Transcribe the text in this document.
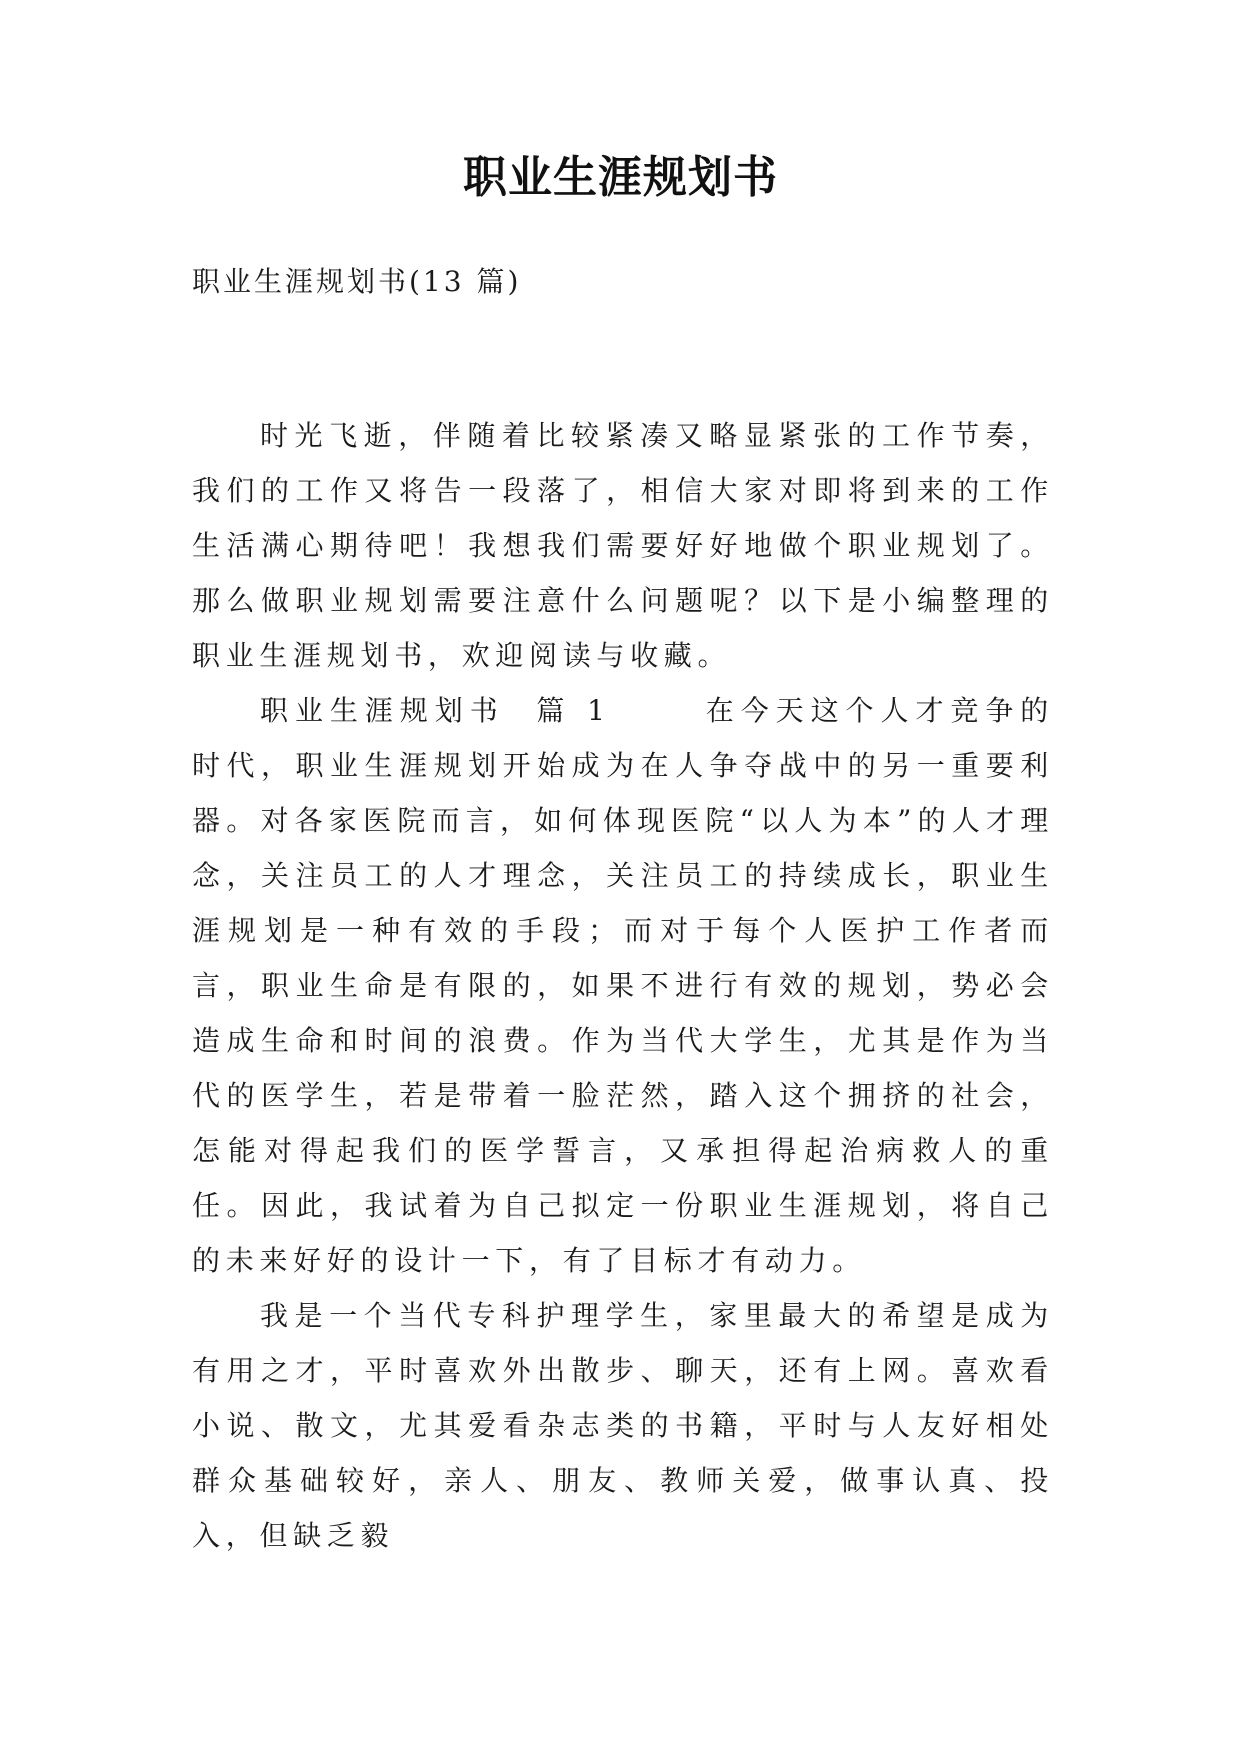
职业生涯规划书
职业生涯规划书(13 篇)

时光飞逝，伴随着比较紧凑又略显紧张的工作节奏，我们的工作又将告一段落了，相信大家对即将到来的工作生活满心期待吧！我想我们需要好好地做个职业规划了。那么做职业规划需要注意什么问题呢？以下是小编整理的职业生涯规划书，欢迎阅读与收藏。

职业生涯规划书  篇 1      在今天这个人才竞争的时代，职业生涯规划开始成为在人争夺战中的另一重要利器。对各家医院而言，如何体现医院“以人为本”的人才理念，关注员工的人才理念，关注员工的持续成长，职业生涯规划是一种有效的手段；而对于每个人医护工作者而言，职业生命是有限的，如果不进行有效的规划，势必会造成生命和时间的浪费。作为当代大学生，尤其是作为当代的医学生，若是带着一脸茫然，踏入这个拥挤的社会，怎能对得起我们的医学誓言，又承担得起治病救人的重任。因此，我试着为自己拟定一份职业生涯规划，将自己的未来好好的设计一下，有了目标才有动力。

我是一个当代专科护理学生，家里最大的希望是成为有用之才，平时喜欢外出散步、聊天，还有上网。喜欢看小说、散文，尤其爱看杂志类的书籍，平时与人友好相处群众基础较好，亲人、朋友、教师关爱，做事认真、投入，但缺乏毅
